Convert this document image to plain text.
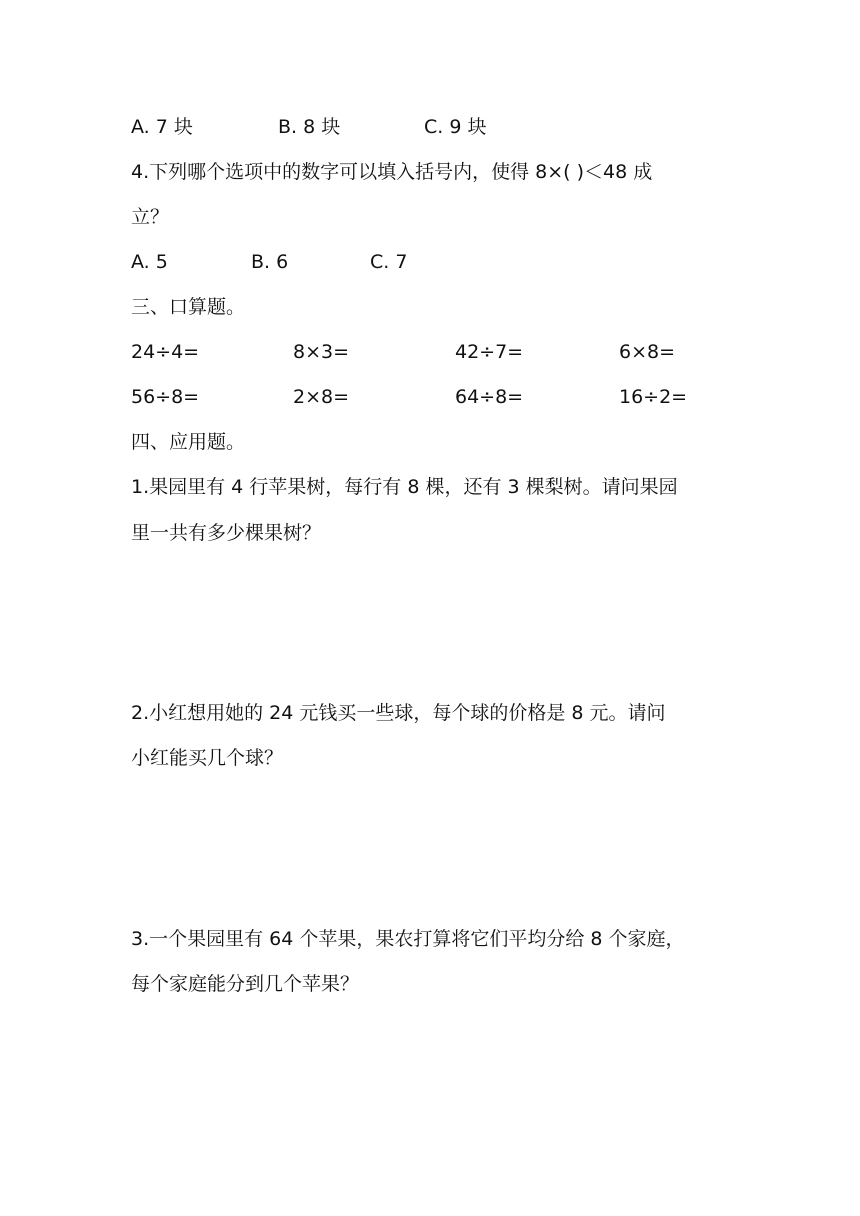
A. 7 块	B. 8 块	C. 9 块
4.下列哪个选项中的数字可以填入括号内，使得 8×( )＜48 成
立？
A. 5	B. 6	C. 7
三、口算题。
24÷4=	8×3=	42÷7=	6×8=
56÷8=	2×8=	64÷8=	16÷2=
四、应用题。
1.果园里有 4 行苹果树，每行有 8 棵，还有 3 棵梨树。请问果园
里一共有多少棵果树？
2.小红想用她的 24 元钱买一些球，每个球的价格是 8 元。请问
小红能买几个球？
3.一个果园里有 64 个苹果，果农打算将它们平均分给 8 个家庭，
每个家庭能分到几个苹果？
